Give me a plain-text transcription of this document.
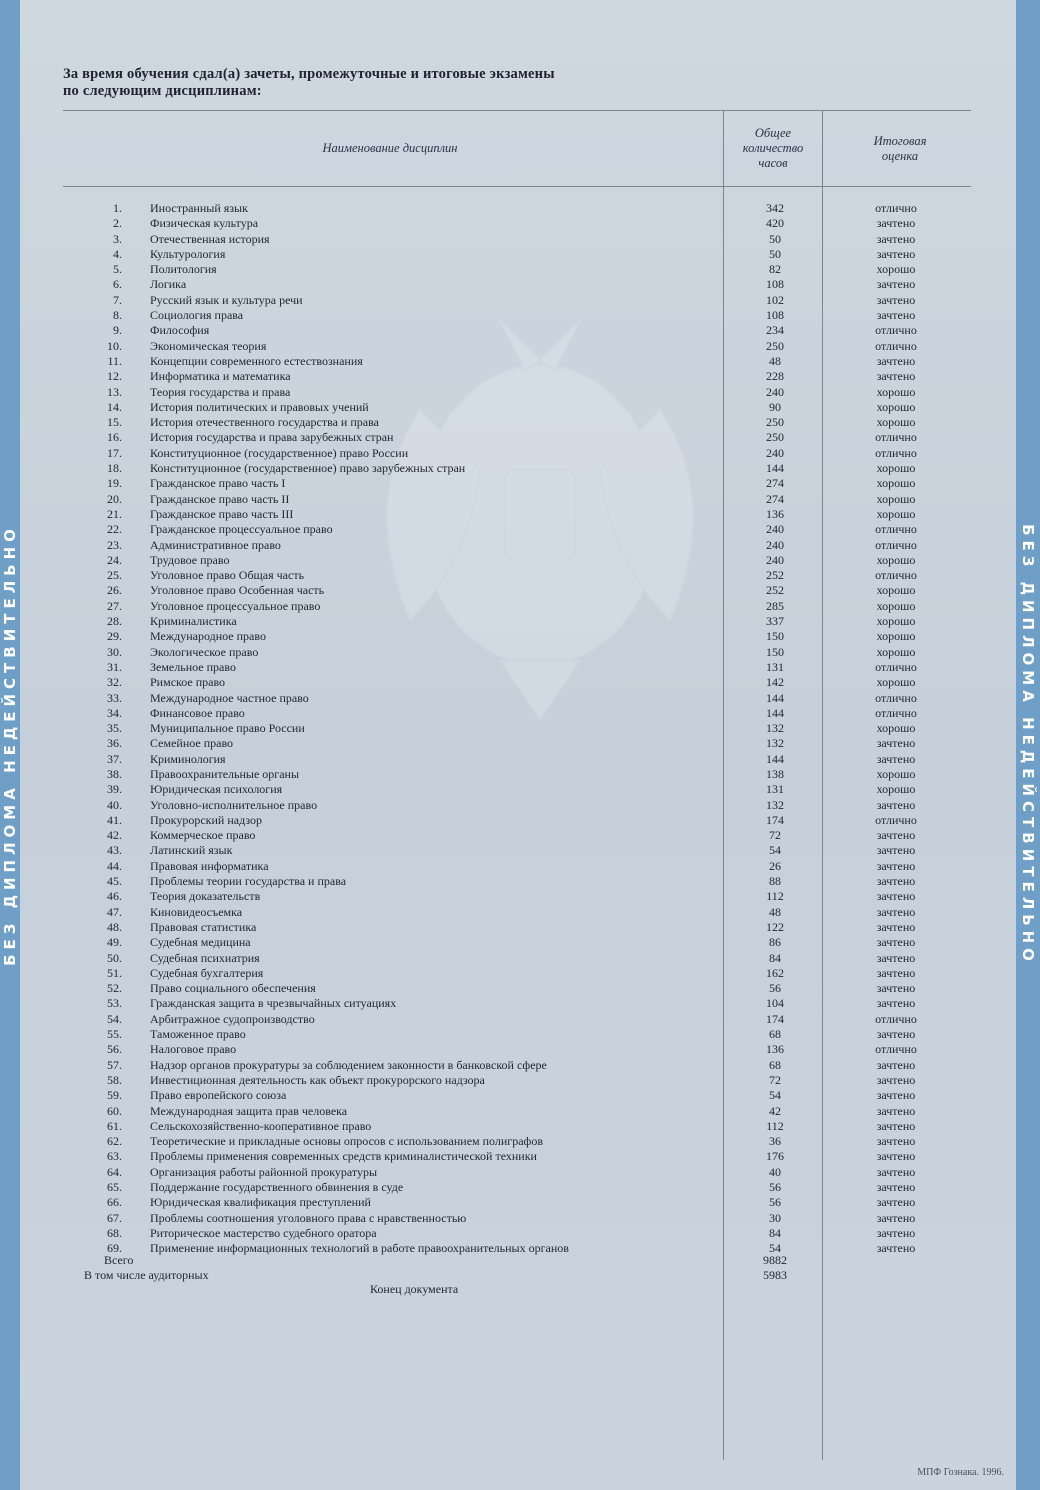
БЕЗ ДИПЛОМА НЕДЕЙСТВИТЕЛЬНО	БЕЗ ДИПЛОМА НЕДЕЙСТВИТЕЛЬНО
За время обучения сдал(а) зачеты, промежуточные и итоговые экзамены
по следующим дисциплинам:
Наименование дисциплин
Общее
количество
часов
Итоговая
оценка
1. Иностранный язык	342	отлично
2. Физическая культура	420	зачтено
3. Отечественная история	50	зачтено
4. Культурология	50	зачтено
5. Политология	82	хорошо
6. Логика	108	зачтено
7. Русский язык и культура речи	102	зачтено
8. Социология права	108	зачтено
9. Философия	234	отлично
10. Экономическая теория	250	отлично
11. Концепции современного естествознания	48	зачтено
12. Информатика и математика	228	зачтено
13. Теория государства и права	240	хорошо
14. История политических и правовых учений	90	хорошо
15. История отечественного государства и права	250	хорошо
16. История государства и права зарубежных стран	250	отлично
17. Конституционное (государственное) право России	240	отлично
18. Конституционное (государственное) право зарубежных стран	144	хорошо
19. Гражданское право часть I	274	хорошо
20. Гражданское право часть II	274	хорошо
21. Гражданское право часть III	136	хорошо
22. Гражданское процессуальное право	240	отлично
23. Административное право	240	отлично
24. Трудовое право	240	хорошо
25. Уголовное право Общая часть	252	отлично
26. Уголовное право Особенная часть	252	хорошо
27. Уголовное процессуальное право	285	хорошо
28. Криминалистика	337	хорошо
29. Международное право	150	хорошо
30. Экологическое право	150	хорошо
31. Земельное право	131	отлично
32. Римское право	142	хорошо
33. Международное частное право	144	отлично
34. Финансовое право	144	отлично
35. Муниципальное право России	132	хорошо
36. Семейное право	132	зачтено
37. Криминология	144	зачтено
38. Правоохранительные органы	138	хорошо
39. Юридическая психология	131	хорошо
40. Уголовно-исполнительное право	132	зачтено
41. Прокурорский надзор	174	отлично
42. Коммерческое право	72	зачтено
43. Латинский язык	54	зачтено
44. Правовая информатика	26	зачтено
45. Проблемы теории государства и права	88	зачтено
46. Теория доказательств	112	зачтено
47. Киновидеосъемка	48	зачтено
48. Правовая статистика	122	зачтено
49. Судебная медицина	86	зачтено
50. Судебная психиатрия	84	зачтено
51. Судебная бухгалтерия	162	зачтено
52. Право социального обеспечения	56	зачтено
53. Гражданская защита в чрезвычайных ситуациях	104	зачтено
54. Арбитражное судопроизводство	174	отлично
55. Таможенное право	68	зачтено
56. Налоговое право	136	отлично
57. Надзор органов прокуратуры за соблюдением законности в банковской сфере	68	зачтено
58. Инвестиционная деятельность как объект прокурорского надзора	72	зачтено
59. Право европейского союза	54	зачтено
60. Международная защита прав человека	42	зачтено
61. Сельскохозяйственно-кооперативное право	112	зачтено
62. Теоретические и прикладные основы опросов с использованием полиграфов	36	зачтено
63. Проблемы применения современных средств криминалистической техники	176	зачтено
64. Организация работы районной прокуратуры	40	зачтено
65. Поддержание государственного обвинения в суде	56	зачтено
66. Юридическая квалификация преступлений	56	зачтено
67. Проблемы соотношения уголовного права с нравственностью	30	зачтено
68. Риторическое мастерство судебного оратора	84	зачтено
69. Применение информационных технологий в работе правоохранительных органов	54	зачтено
Всего	9882
В том числе аудиторных	5983
Конец документа
МПФ Гознака. 1996.
